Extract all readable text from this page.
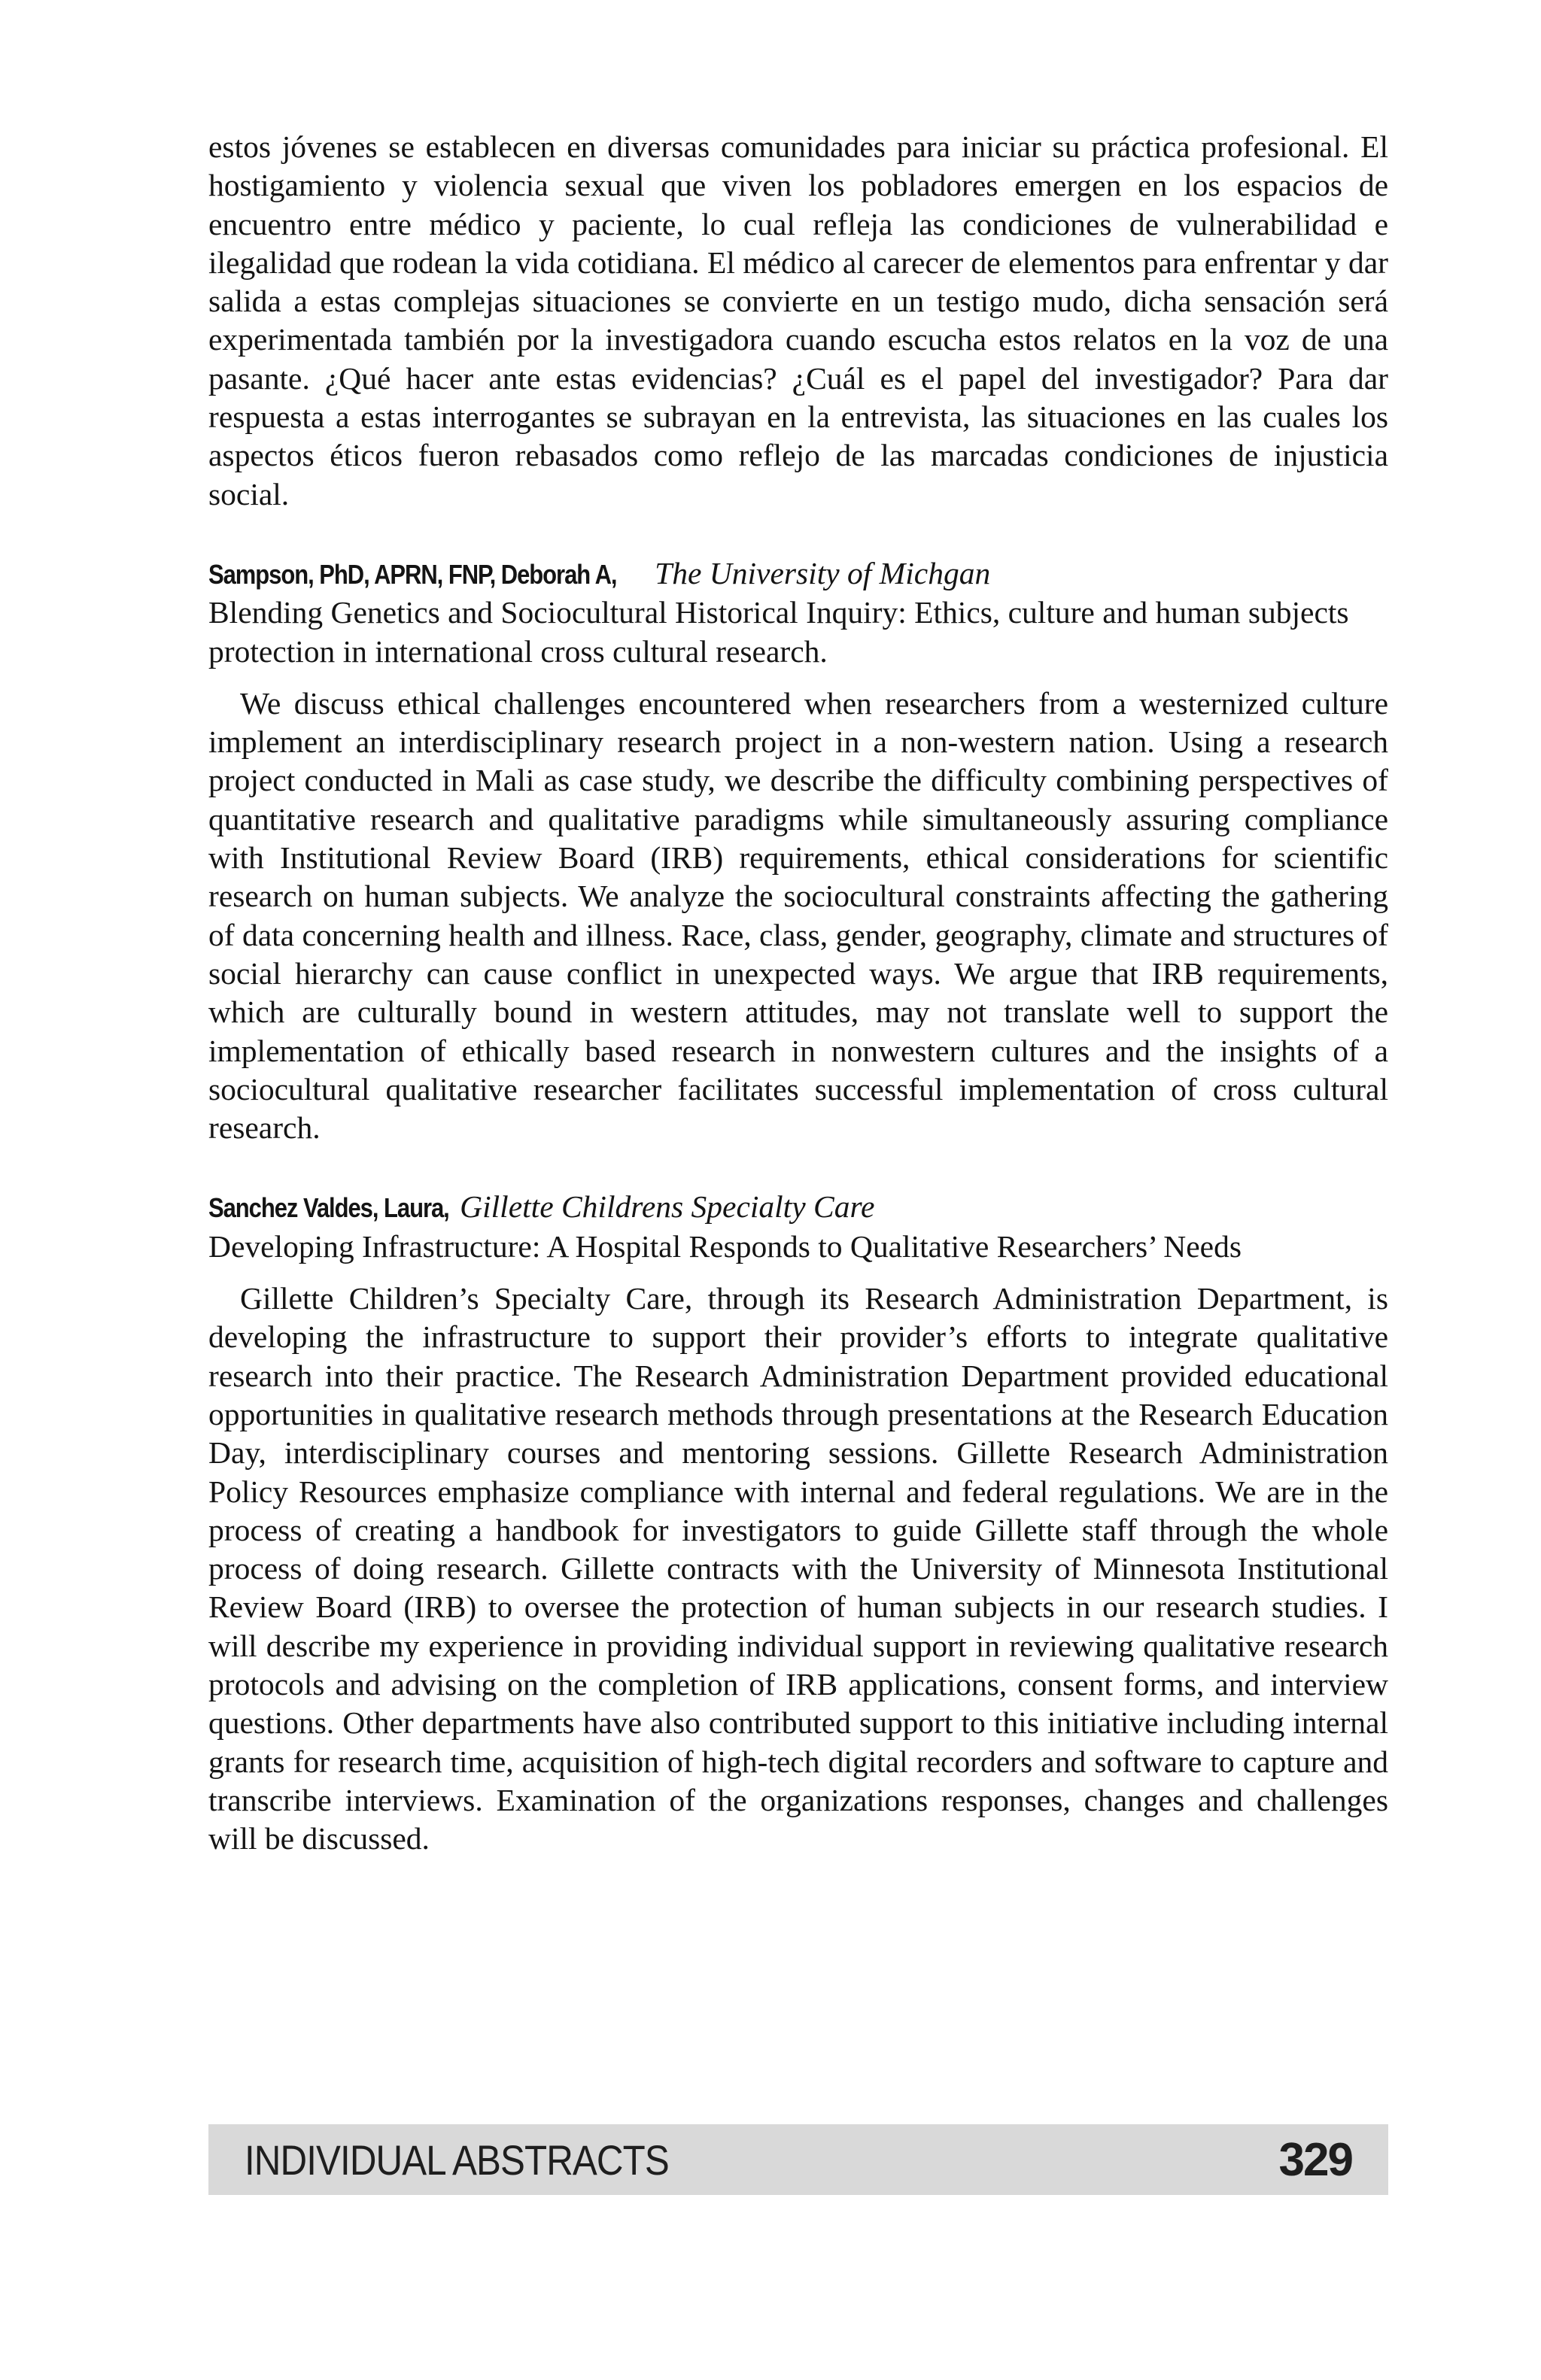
estos jóvenes se establecen en diversas comunidades para iniciar su práctica profesional. El hostigamiento y violencia sexual que viven los pobladores emergen en los espacios de encuentro entre médico y paciente, lo cual refleja las condiciones de vulnerabilidad e ilegalidad que rodean la vida cotidiana. El médico al carecer de elementos para enfrentar y dar salida a estas complejas situaciones se convierte en un testigo mudo, dicha sensación será experimentada también por la investigadora cuando escucha estos relatos en la voz de una pasante. ¿Qué hacer ante estas evidencias? ¿Cuál es el papel del investigador? Para dar respuesta a estas interrogantes se subrayan en la entrevista, las situaciones en las cuales los aspectos éticos fueron rebasados como reflejo de las marcadas condiciones de injusticia social.

Sampson, PhD, APRN, FNP, Deborah A, The University of Michgan

Blending Genetics and Sociocultural Historical Inquiry: Ethics, culture and human subjects protection in international cross cultural research.

We discuss ethical challenges encountered when researchers from a westernized culture implement an interdisciplinary research project in a non-western nation. Using a research project conducted in Mali as case study, we describe the difficulty combining perspectives of quantitative research and qualitative paradigms while simultaneously assuring compliance with Institutional Review Board (IRB) requirements, ethical considerations for scientific research on human subjects. We analyze the sociocultural constraints affecting the gathering of data concerning health and illness. Race, class, gender, geography, climate and structures of social hierarchy can cause conflict in unexpected ways. We argue that IRB requirements, which are culturally bound in western attitudes, may not translate well to support the implementation of ethically based research in nonwestern cultures and the insights of a sociocultural qualitative researcher facilitates successful implementation of cross cultural research.

Sanchez Valdes, Laura, Gillette Childrens Specialty Care

Developing Infrastructure: A Hospital Responds to Qualitative Researchers’ Needs

Gillette Children’s Specialty Care, through its Research Administration Department, is developing the infrastructure to support their provider’s efforts to integrate qualitative research into their practice. The Research Administration Department provided educational opportunities in qualitative research methods through presentations at the Research Education Day, interdisciplinary courses and mentoring sessions. Gillette Research Administration Policy Resources emphasize compliance with internal and federal regulations. We are in the process of creating a handbook for investigators to guide Gillette staff through the whole process of doing research. Gillette contracts with the University of Minnesota Institutional Review Board (IRB) to oversee the protection of human subjects in our research studies. I will describe my experience in providing individual support in reviewing qualitative research protocols and advising on the completion of IRB applications, consent forms, and interview questions. Other departments have also contributed support to this initiative including internal grants for research time, acquisition of high-tech digital recorders and software to capture and transcribe interviews. Examination of the organizations responses, changes and challenges will be discussed.

INDIVIDUAL ABSTRACTS	329
